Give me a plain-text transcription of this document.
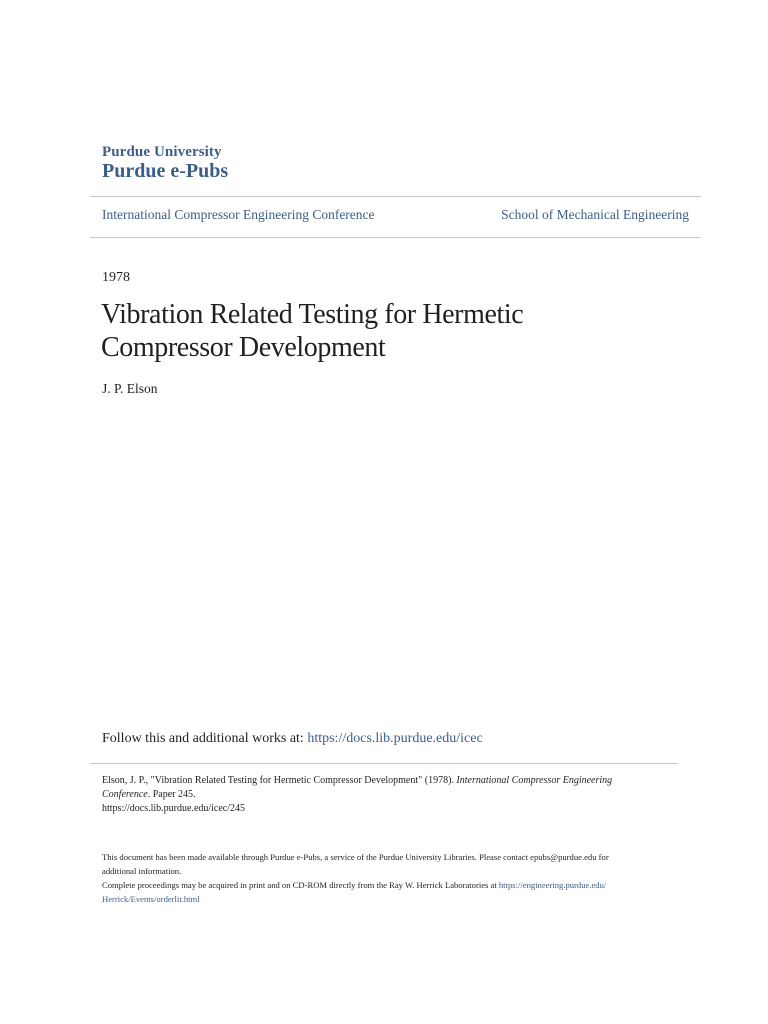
Purdue University
Purdue e-Pubs
International Compressor Engineering Conference	School of Mechanical Engineering
1978
Vibration Related Testing for Hermetic
Compressor Development
J. P. Elson
Follow this and additional works at: https://docs.lib.purdue.edu/icec
Elson, J. P., "Vibration Related Testing for Hermetic Compressor Development" (1978). International Compressor Engineering
Conference. Paper 245.
https://docs.lib.purdue.edu/icec/245
This document has been made available through Purdue e-Pubs, a service of the Purdue University Libraries. Please contact epubs@purdue.edu for
additional information.
Complete proceedings may be acquired in print and on CD-ROM directly from the Ray W. Herrick Laboratories at https://engineering.purdue.edu/
Herrick/Events/orderlit.html
